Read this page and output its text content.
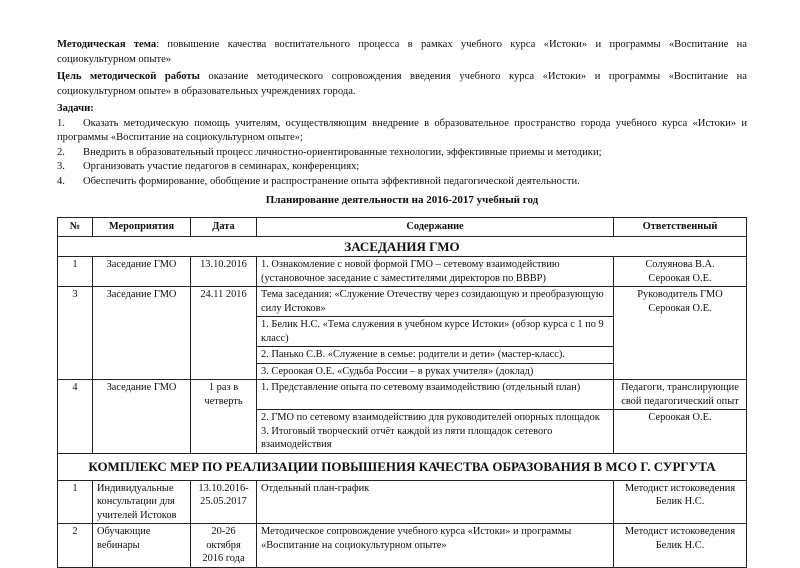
Методическая тема: повышение качества воспитательного процесса в рамках учебного курса «Истоки» и программы «Воспитание на социокультурном опыте»

Цель методической работы оказание методического сопровождения введения учебного курса «Истоки» и программы «Воспитание на социокультурном опыте» в образовательных учреждениях города.

Задачи:

1. Оказать методическую помощь учителям, осуществляющим внедрение в образовательное пространство города учебного курса «Истоки» и программы «Воспитание на социокультурном опыте»;

2.	Внедрить в образовательный процесс личностно-ориентированные технологии, эффективные приемы и методики;
3.	Организовать участие педагогов в семинарах, конференциях;
4.	Обеспечить формирование, обобщение и распространение опыта эффективной педагогической деятельности.
Планирование деятельности на 2016-2017 учебный год
№	Мероприятия	Дата	Содержание	Ответственный
ЗАСЕДАНИЯ ГМО				
1	Заседание ГМО	13.10.2016	1. Ознакомление с новой формой ГМО – сетевому взаимодействию (установочное заседание с заместителями директоров по ВВВР)	Солуянова В.А.
Сероокая О.Е.

3	Заседание ГМО	24.11 2016	Тема заседания: «Служение Отечеству через созидающую и преобразующую силу Истоков»	Руководитель ГМО Сероокая О.Е.
			1. Белик Н.С. «Тема служения в учебном курсе Истоки» (обзор курса с 1 по 9 класс)	
			2. Панько С.В. «Служение в семье: родители и дети» (мастер-класс).	
			3. Сероокая О.Е. «Судьба России – в руках учителя» (доклад)	
4	Заседание ГМО	1 раз в четверть	1. Представление опыта по сетевому взаимодействию (отдельный план)	Педагоги, транслирующие свой педагогический опыт

			2. ГМО по сетевому взаимодействию для руководителей опорных площадок
3. Итоговый творческий отчёт каждой из пяти площадок сетевого взаимодействия	Сероокая О.Е.
КОМПЛЕКС МЕР ПО РЕАЛИЗАЦИИ ПОВЫШЕНИЯ КАЧЕСТВА ОБРАЗОВАНИЯ В МСО Г. СУРГУТА				
1	Индивидуальные консультации для учителей Истоков	13.10.2016-25.05.2017	Отдельный план-график	Методист истоковедения
Белик Н.С.

2	Обучающие вебинары	20-26 октября 2016 года	Методическое сопровождение учебного курса «Истоки» и программы «Воспитание на социокультурном опыте»	Методист истоковедения
Белик Н.С.
